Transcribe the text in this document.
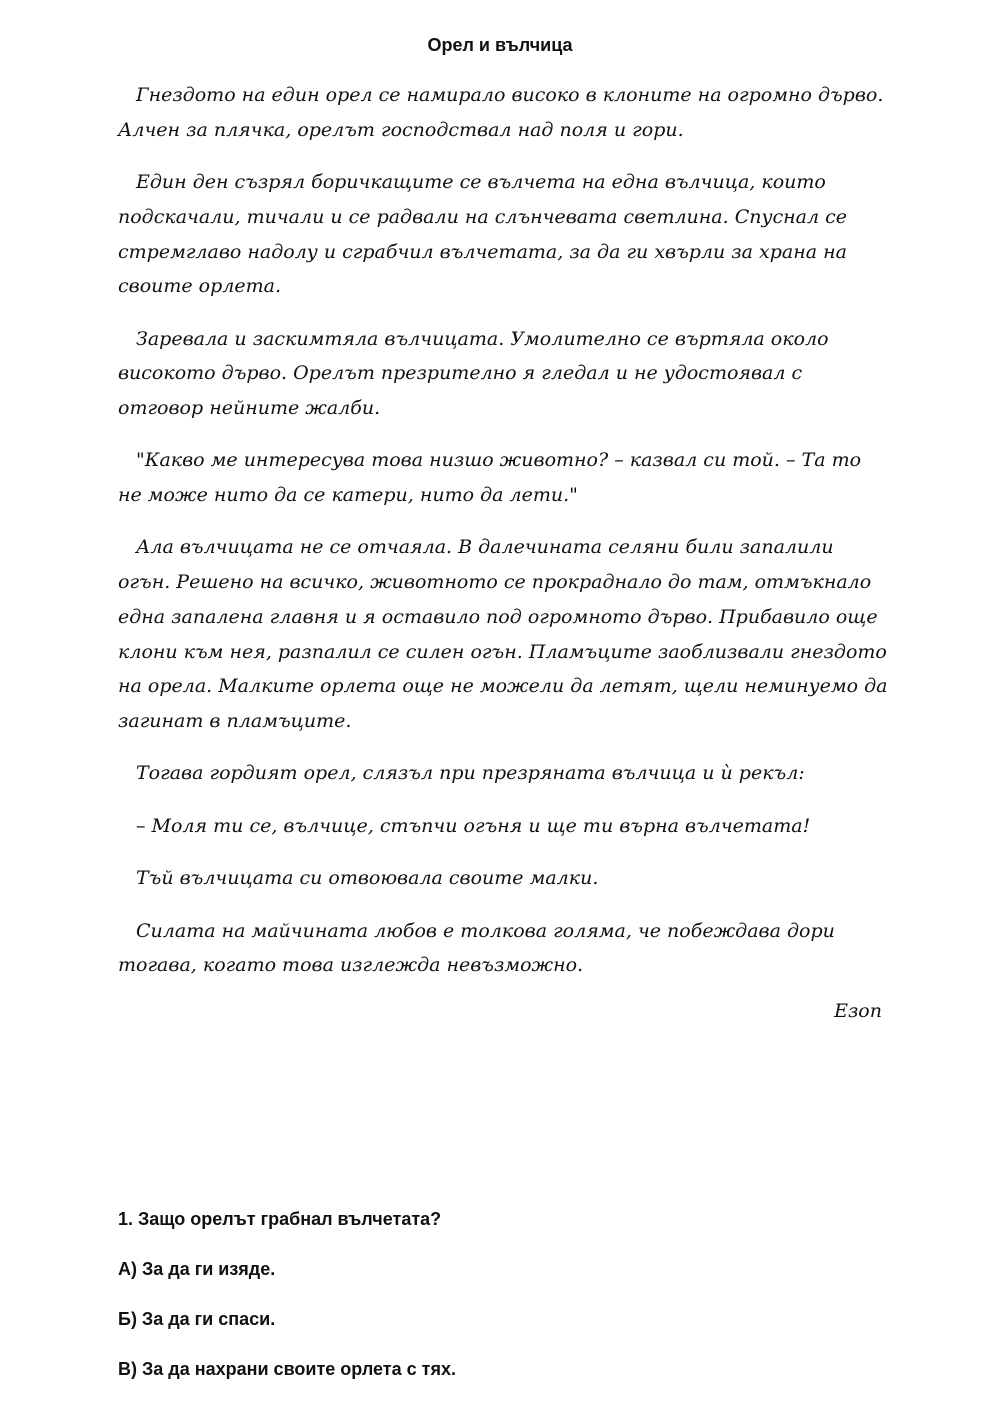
Орел и вълчица

Гнездото на един орел се намирало високо в клоните на огромно дърво. Алчен за плячка, орелът господствал над поля и гори.

Един ден съзрял боричкащите се вълчета на една вълчица, които подскачали, тичали и се радвали на слънчевата светлина. Спуснал се стремглаво надолу и сграбчил вълчетата, за да ги хвърли за храна на своите орлета.

Заревала и заскимтяла вълчицата. Умолително се въртяла около високото дърво. Орелът презрително я гледал и не удостоявал с отговор нейните жалби.

"Какво ме интересува това низшо животно? – казвал си той. – Та то не може нито да се катери, нито да лети."

Ала вълчицата не се отчаяла. В далечината селяни били запалили огън. Решено на всичко, животното се прокраднало до там, отмъкнало една запалена главня и я оставило под огромното дърво. Прибавило още клони към нея, разпалил се силен огън. Пламъците заоблизвали гнездото на орела. Малките орлета още не можели да летят, щели неминуемо да загинат в пламъците.

Тогава гордият орел, слязъл при презряната вълчица и ѝ рекъл:

– Моля ти се, вълчице, стъпчи огъня и ще ти върна вълчетата!

Тъй вълчицата си отвоювала своите малки.

Силата на майчината любов е толкова голяма, че побеждава дори тогава, когато това изглежда невъзможно.

Езоп
1. Защо орелът грабнал вълчетата?
А) За да ги изяде.
Б) За да ги спаси.
В) За да нахрани своите орлета с тях.
